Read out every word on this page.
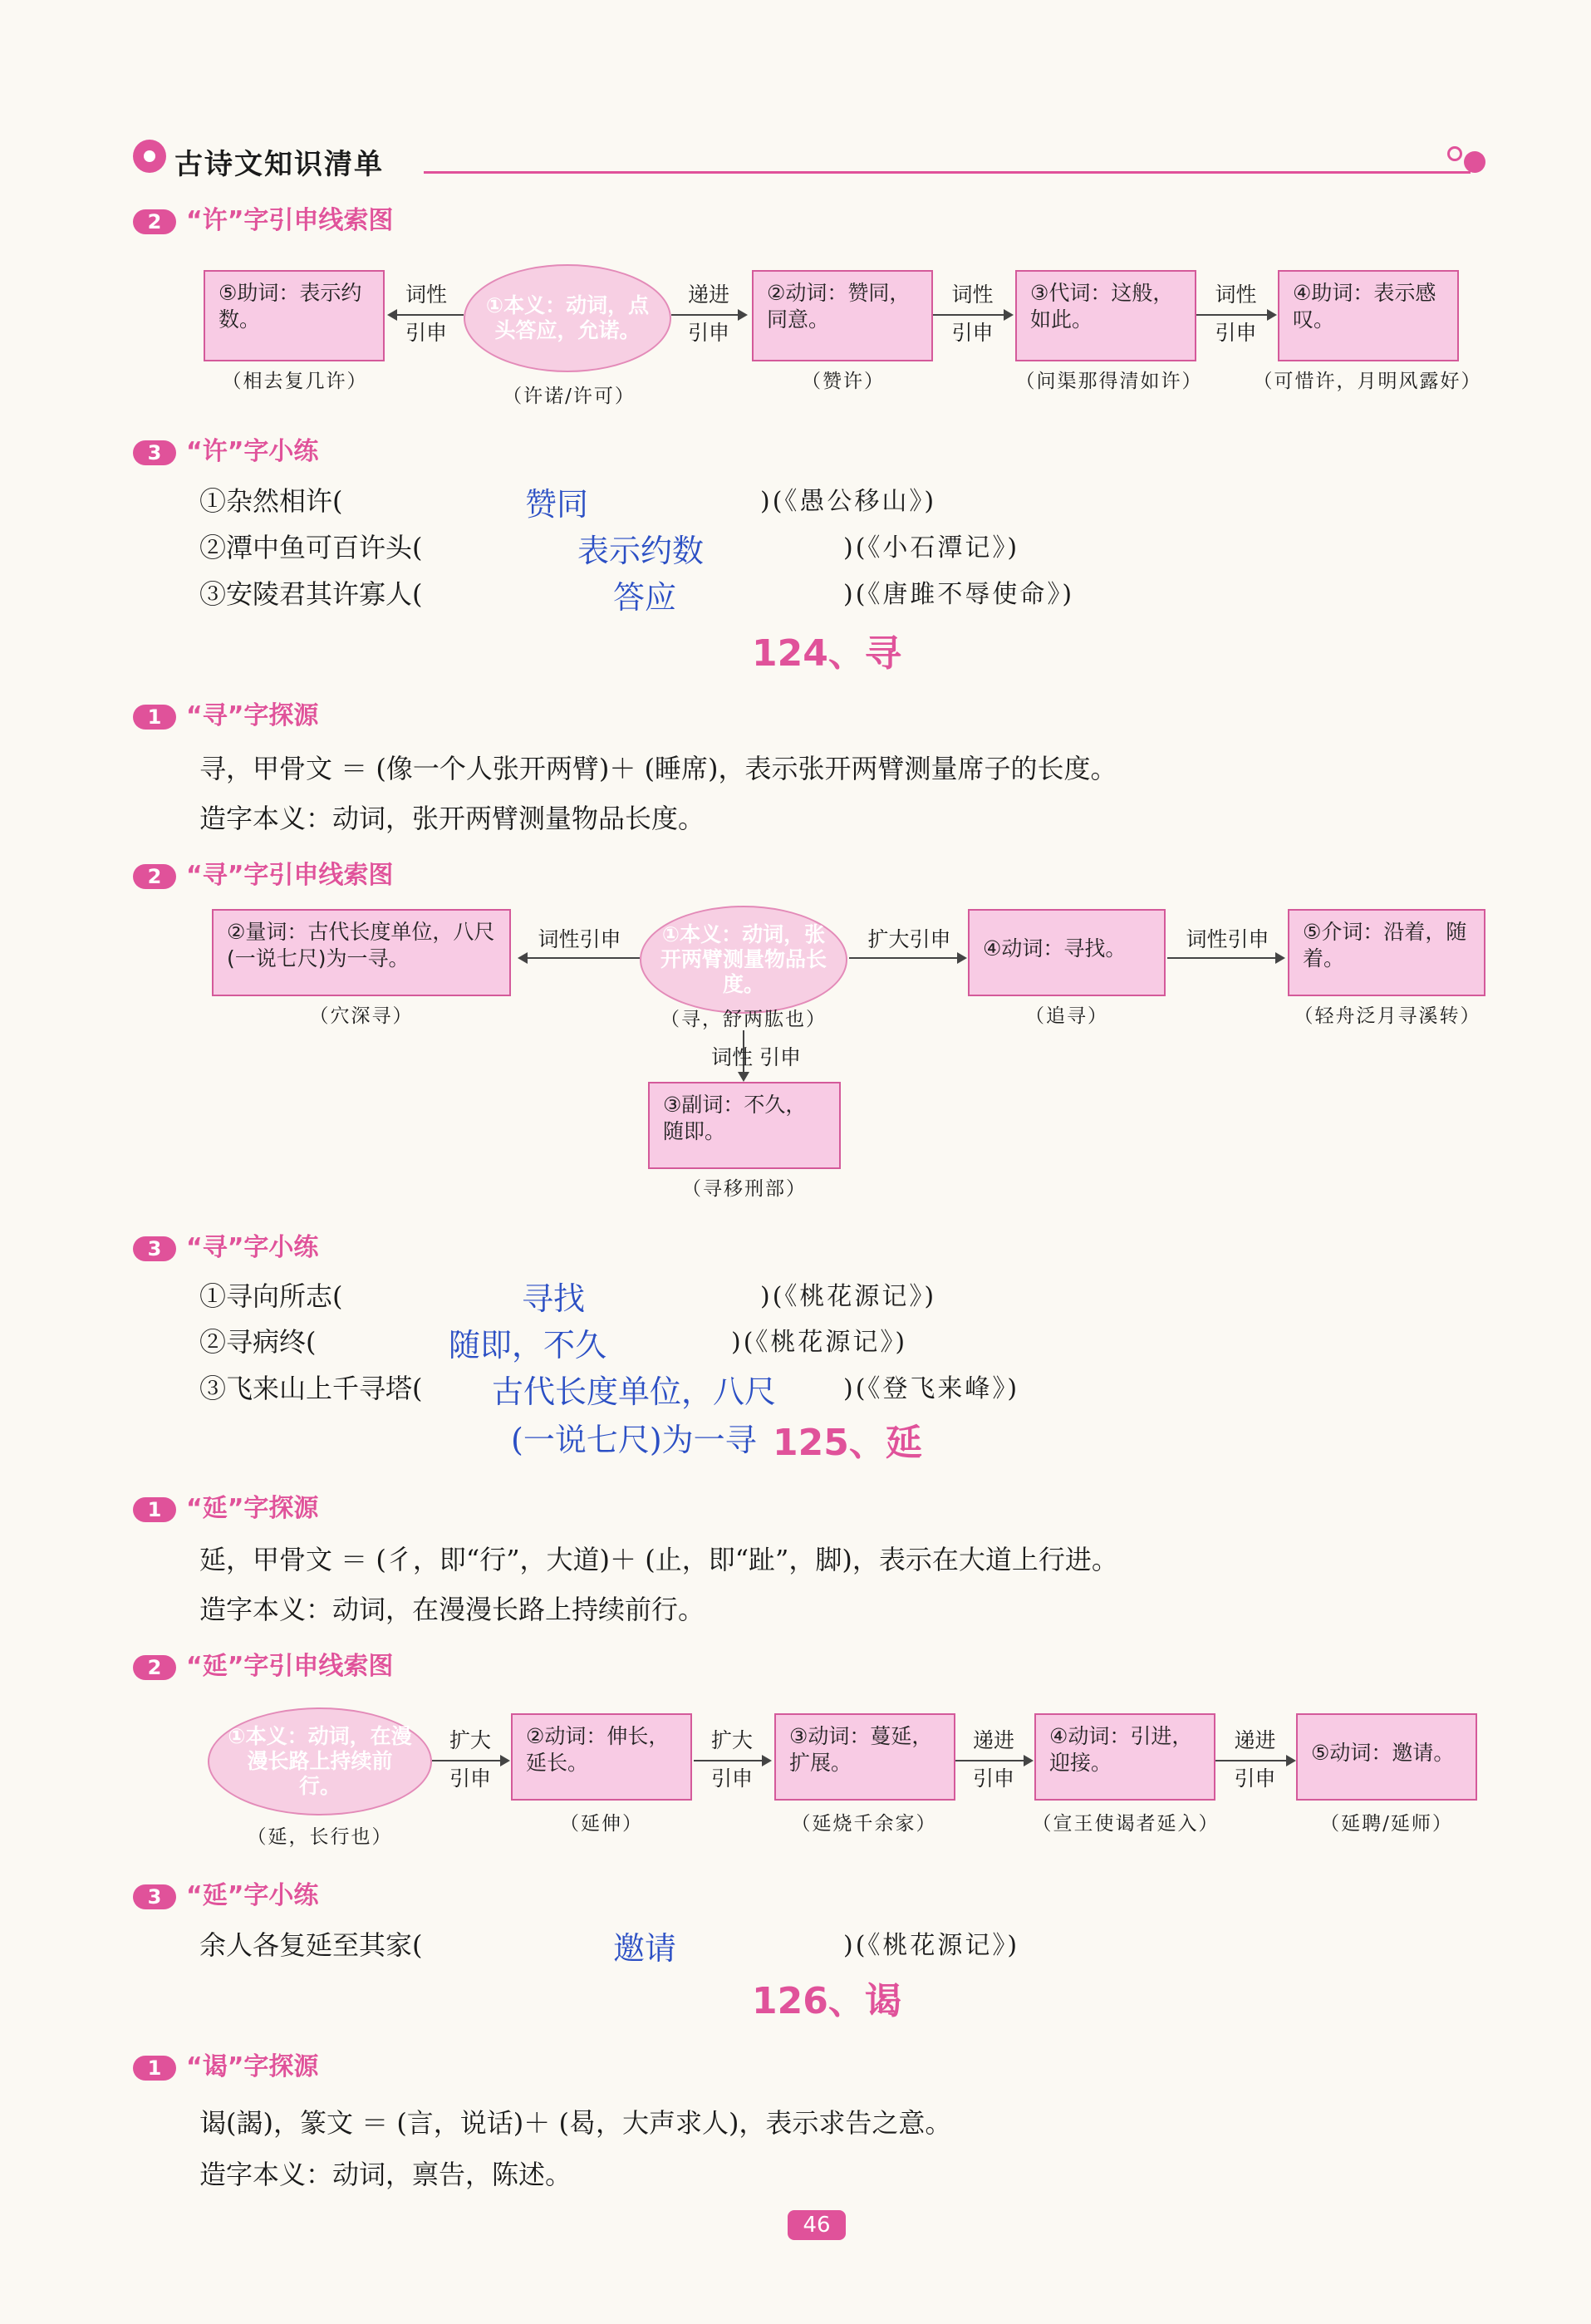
古诗文知识清单
2 “许”字引申线索图
⑤助词：表示约数。
（相去复几许）
词性
引申
①本义：动词，点头答应，允诺。
（许诺/许可）
递进
引申
②动词：赞同，同意。
（赞许）
词性
引申
③代词：这般，如此。
（问渠那得清如许）
词性
引申
④助词：表示感叹。
（可惜许，月明风露好）
3 “许”字小练
①杂然相许(	赞同	)(《愚公移山》)
②潭中鱼可百许头(	表示约数	)(《小石潭记》)
③安陵君其许寡人(	答应	)(《唐雎不辱使命》)
124、寻
1 “寻”字探源
寻，甲骨文 ＝ (像一个人张开两臂)＋ (睡席)，表示张开两臂测量席子的长度。
造字本义：动词，张开两臂测量物品长度。
2 “寻”字引申线索图
②量词：古代长度单位，八尺(一说七尺)为一寻。
（穴深寻）
词性引申	①本义：动词，张开两臂测量物品长度。
（寻，舒两肱也）
扩大引申	④动词：寻找。
（追寻）
词性引申	⑤介词：沿着，随着。
（轻舟泛月寻溪转）
词性 引申
③副词：不久，随即。
（寻移刑部）
3 “寻”字小练
①寻向所志(	寻找	)(《桃花源记》)
②寻病终(	随即，不久	)(《桃花源记》)
③飞来山上千寻塔( 古代长度单位，八尺	)(《登飞来峰》)
(一说七尺)为一寻 125、延
1 “延”字探源
延，甲骨文 ＝ (彳，即“行”，大道)＋ (止，即“趾”，脚)，表示在大道上行进。
造字本义：动词，在漫漫长路上持续前行。
2 “延”字引申线索图
①本义：动词，在漫漫长路上持续前行。
（延，长行也）
扩大
引申
②动词：伸长，延长。
（延伸）
扩大
引申
③动词：蔓延，扩展。
（延烧千余家）
递进
引申
④动词：引进，迎接。
（宣王使谒者延入）
递进
引申
⑤动词：邀请。
（延聘/延师）
3 “延”字小练
余人各复延至其家(	邀请	)(《桃花源记》)
126、谒
1 “谒”字探源
谒(謁)，篆文 ＝ (言，说话)＋ (曷，大声求人)，表示求告之意。
造字本义：动词，禀告，陈述。
46
